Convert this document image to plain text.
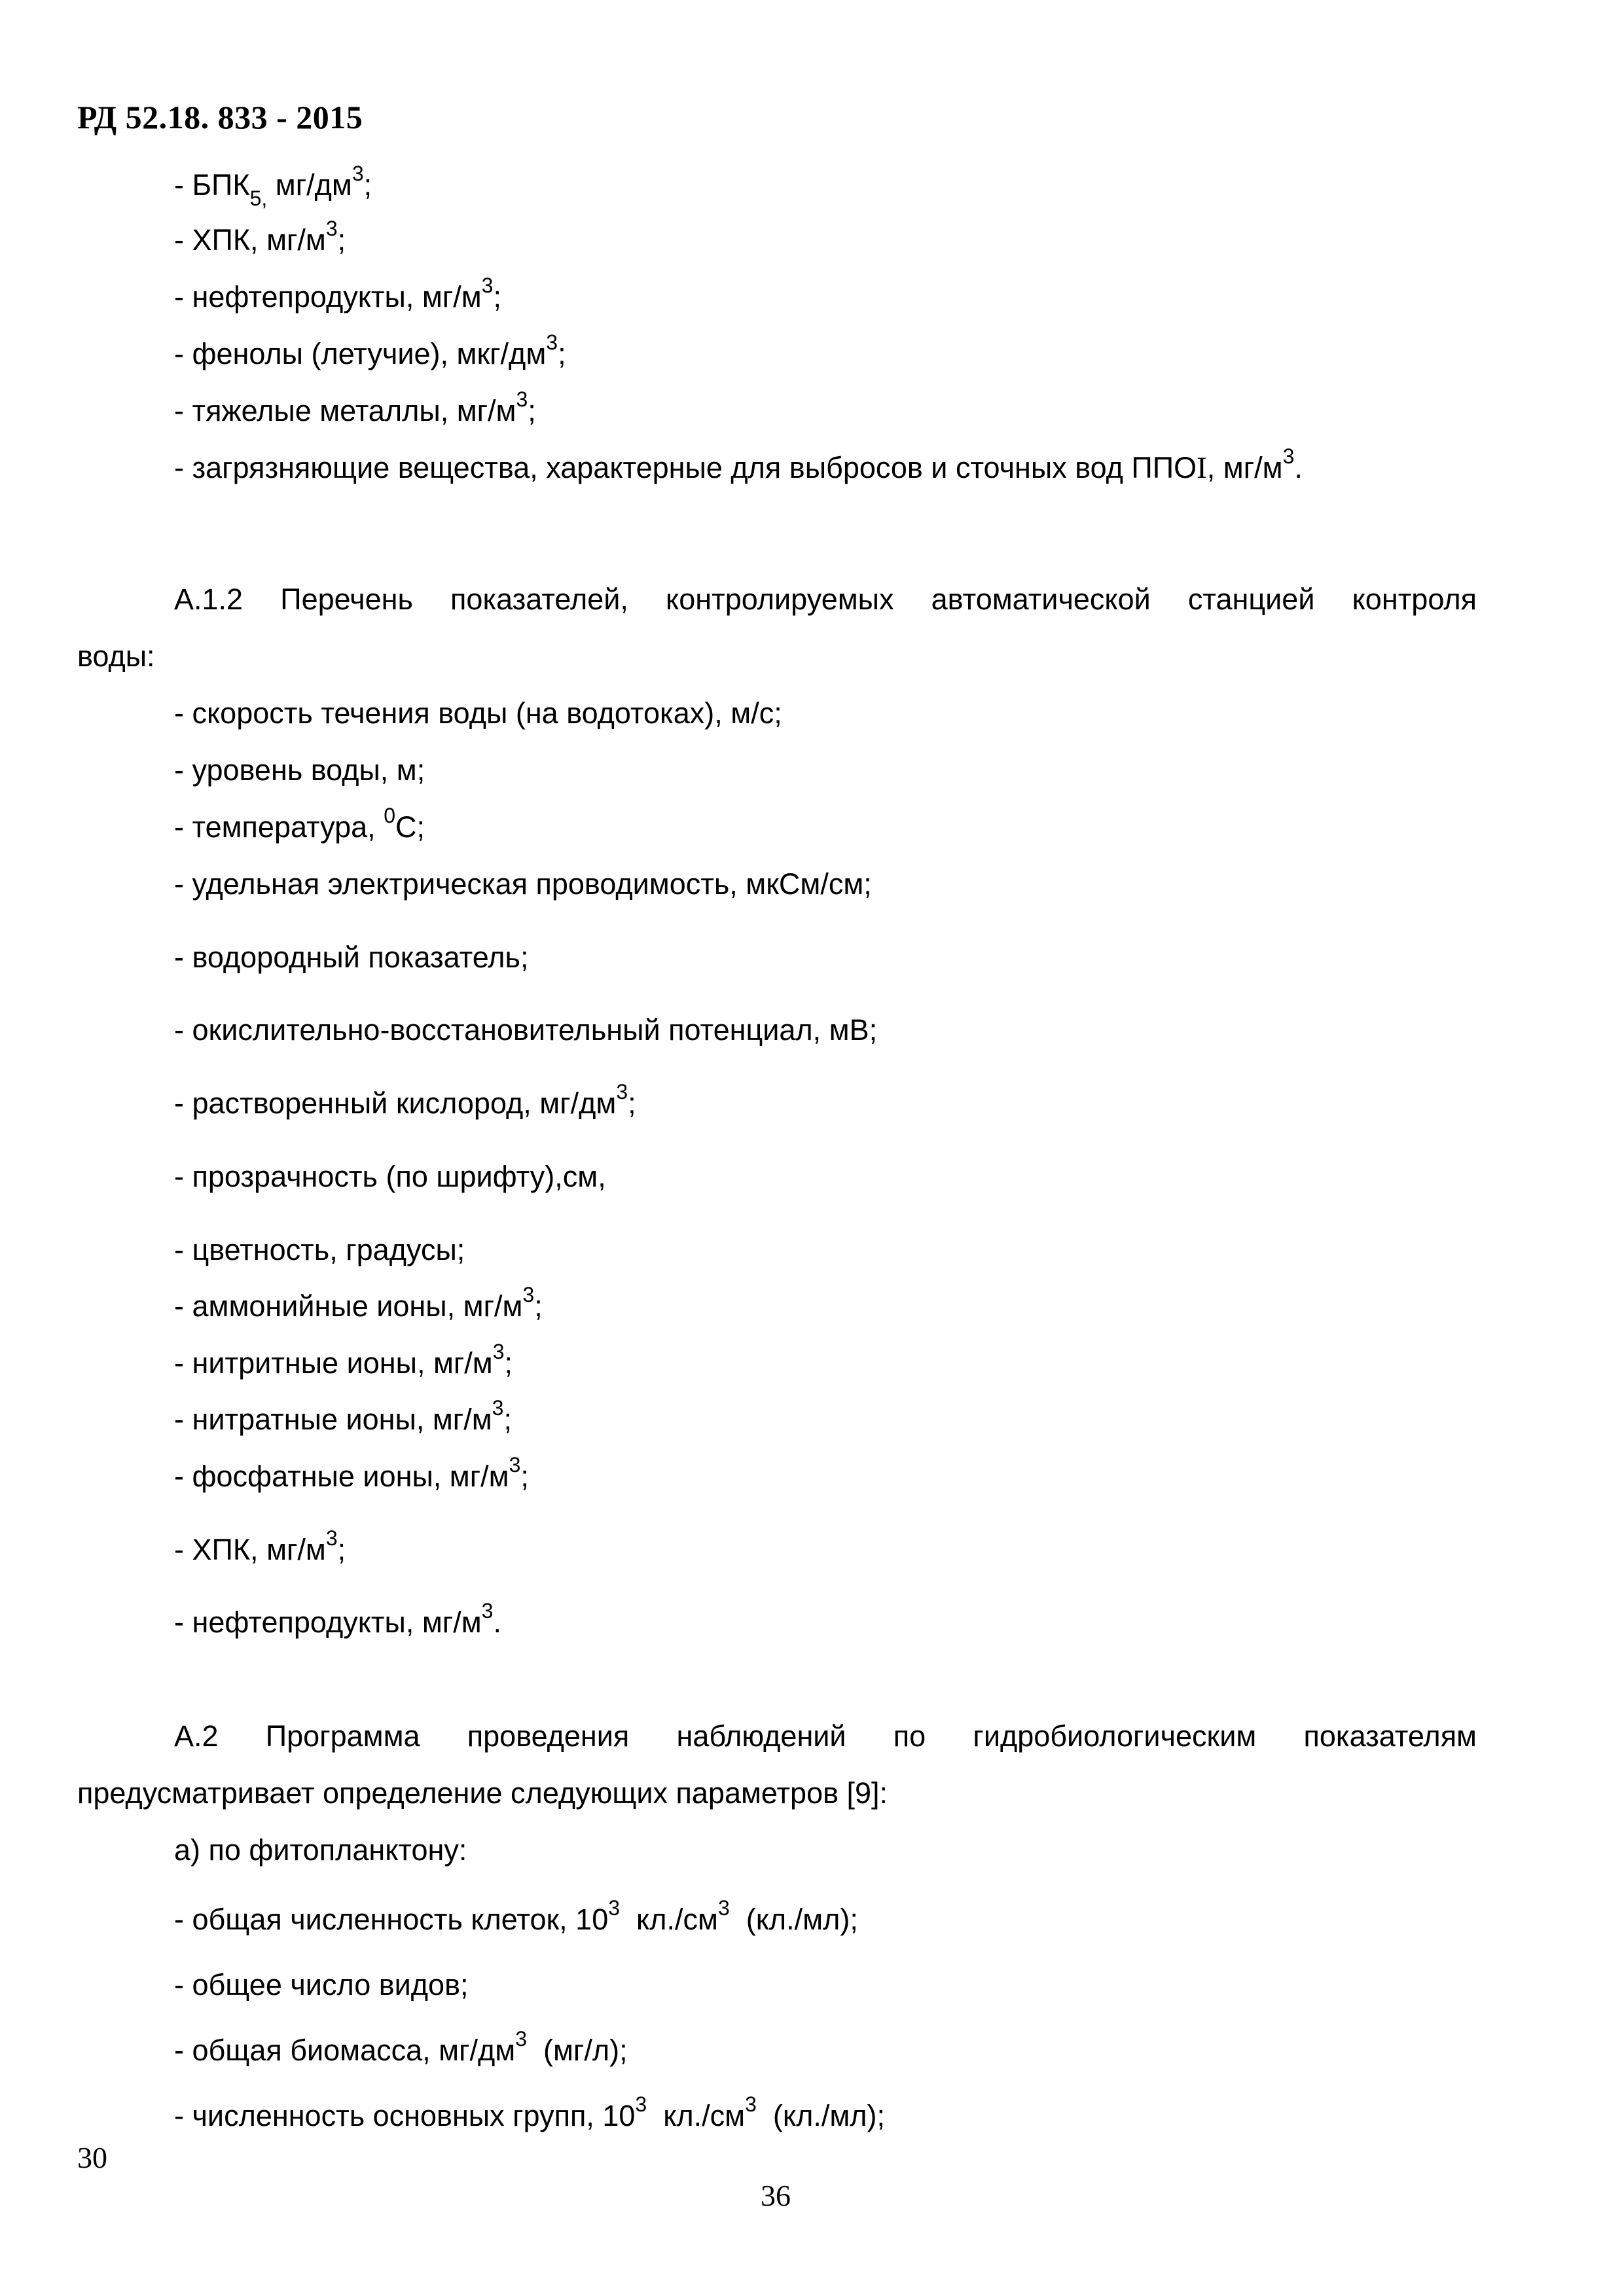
РД 52.18. 833 - 2015
- $БПК_{5,}$ $мг/дм^3$;
- ХПК, $мг/м^3$;
- нефтепродукты, $мг/м^3$;
- фенолы (летучие), мкг/$дм^3$;
- тяжелые металлы, $мг/м^3$;
- загрязняющие вещества, характерные для выбросов и сточных вод ППОI, $мг/м^3$.
А.1.2 Перечень показателей, контролируемых автоматической станцией контроля
воды:
- скорость течения воды (на водотоках), м/с;
- уровень воды, м;
- температура, $^0$С;
- удельная электрическая проводимость, мкСм/см;
- водородный показатель;
- окислительно-восстановительный потенциал, мВ;
- растворенный кислород, $мг/дм^3$;
- прозрачность (по шрифту),см,
- цветность, градусы;
- аммонийные ионы, $мг/м^3$;
- нитритные ионы, $мг/м^3$;
- нитратные ионы, $мг/м^3$;
- фосфатные ионы, $мг/м^3$;
- ХПК, $мг/м^3$;
- нефтепродукты, $мг/м^3$.
А.2 Программа проведения наблюдений по гидробиологическим показателям
предусматривает определение следующих параметров [9]:
а) по фитопланктону:
- общая численность клеток, $10^3$  $кл./см^3$  (кл./мл);
- общее число видов;
- общая биомасса, $мг/дм^3$  (мг/л);
- численность основных групп, $10^3$  $кл./см^3$  (кл./мл);
30
36
